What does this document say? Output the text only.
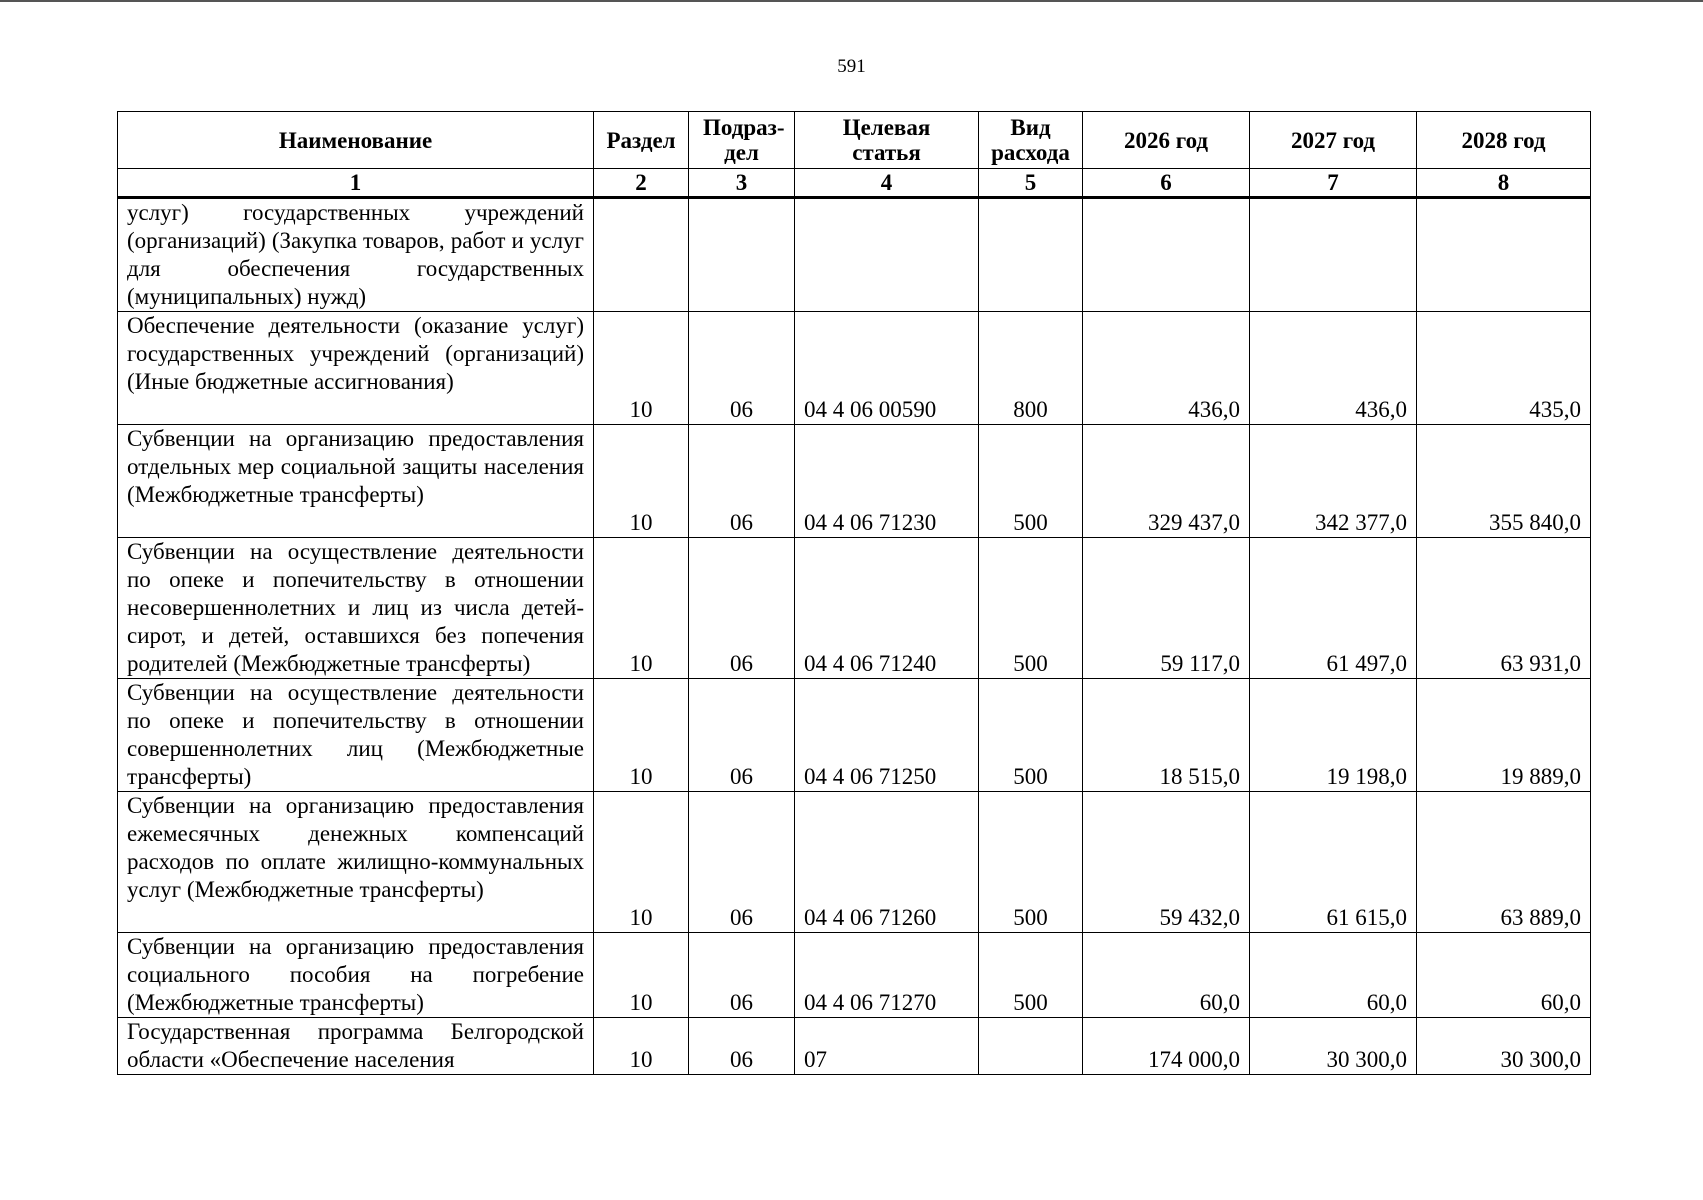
591
Наименование	Раздел	Подраз-дел	Целевая статья	Вид расхода	2026 год	2027 год	2028 год
1	2	3	4	5	6	7	8
услуг) государственных учреждений (организаций) (Закупка товаров, работ и услуг для обеспечения государственных (муниципальных) нужд)							
Обеспечение деятельности (оказание услуг) государственных учреждений (организаций) (Иные бюджетные ассигнования)	10	06	04 4 06 00590	800	436,0	436,0	435,0
Субвенции на организацию предоставления отдельных мер социальной защиты населения (Межбюджетные трансферты)	10	06	04 4 06 71230	500	329 437,0	342 377,0	355 840,0
Субвенции на осуществление деятельности по опеке и попечительству в отношении несовершеннолетних и лиц из числа детей-сирот, и детей, оставшихся без попечения родителей (Межбюджетные трансферты)	10	06	04 4 06 71240	500	59 117,0	61 497,0	63 931,0
Субвенции на осуществление деятельности по опеке и попечительству в отношении совершеннолетних лиц (Межбюджетные трансферты)	10	06	04 4 06 71250	500	18 515,0	19 198,0	19 889,0
Субвенции на организацию предоставления ежемесячных денежных компенсаций расходов по оплате жилищно-коммунальных услуг (Межбюджетные трансферты)	10	06	04 4 06 71260	500	59 432,0	61 615,0	63 889,0
Субвенции на организацию предоставления социального пособия на погребение (Межбюджетные трансферты)	10	06	04 4 06 71270	500	60,0	60,0	60,0
Государственная программа Белгородской области «Обеспечение населения	10	06	07		174 000,0	30 300,0	30 300,0
